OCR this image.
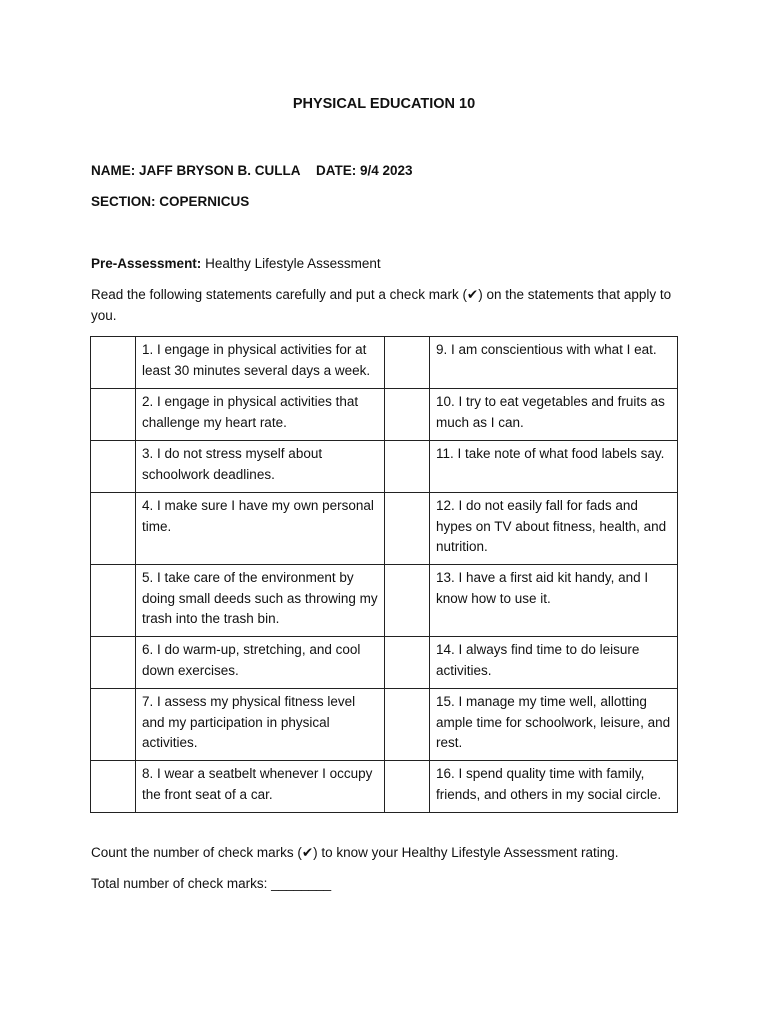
PHYSICAL EDUCATION 10
NAME: JAFF BRYSON B. CULLA DATE: 9/4 2023
SECTION: COPERNICUS
Pre-Assessment: Healthy Lifestyle Assessment
Read the following statements carefully and put a check mark (✔) on the statements that apply to you.
	1. I engage in physical activities for at least 30 minutes several days a week.		9. I am conscientious with what I eat.
	2. I engage in physical activities that challenge my heart rate.		10. I try to eat vegetables and fruits as much as I can.
	3. I do not stress myself about schoolwork deadlines.		11. I take note of what food labels say.
	4. I make sure I have my own personal time.		12. I do not easily fall for fads and hypes on TV about fitness, health, and nutrition.
	5. I take care of the environment by doing small deeds such as throwing my trash into the trash bin.		13. I have a first aid kit handy, and I know how to use it.
	6. I do warm-up, stretching, and cool down exercises.		14. I always find time to do leisure activities.
	7. I assess my physical fitness level and my participation in physical activities.		15. I manage my time well, allotting ample time for schoolwork, leisure, and rest.
	8. I wear a seatbelt whenever I occupy the front seat of a car.		16. I spend quality time with family, friends, and others in my social circle.
Count the number of check marks (✔) to know your Healthy Lifestyle Assessment rating.
Total number of check marks: ________
